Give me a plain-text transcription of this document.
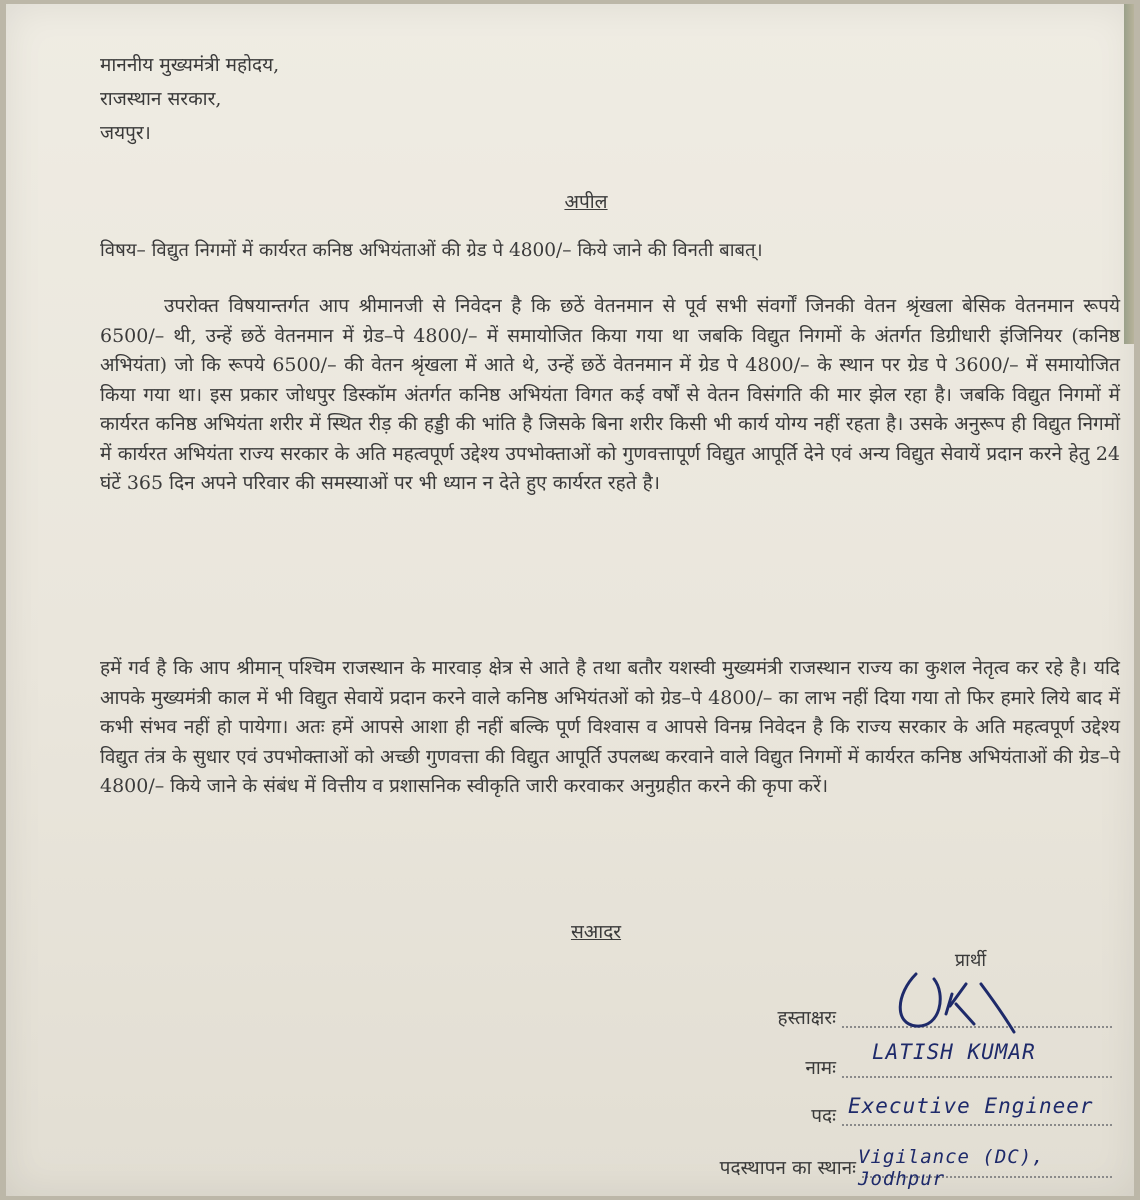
माननीय मुख्यमंत्री महोदय,
राजस्थान सरकार,
जयपुर।
अपील
विषय– विद्युत निगमों में कार्यरत कनिष्ठ अभियंताओं की ग्रेड पे 4800/– किये जाने की विनती बाबत्।
उपरोक्त विषयान्तर्गत आप श्रीमानजी से निवेदन है कि छठें वेतनमान से पूर्व सभी संवर्गों जिनकी वेतन श्रृंखला बेसिक वेतनमान रूपये 6500/– थी, उन्हें छठें वेतनमान में ग्रेड–पे 4800/– में समायोजित किया गया था जबकि विद्युत निगमों के अंतर्गत डिग्रीधारी इंजिनियर (कनिष्ठ अभियंता) जो कि रूपये 6500/– की वेतन श्रृंखला में आते थे, उन्हें छठें वेतनमान में ग्रेड पे 4800/– के स्थान पर ग्रेड पे 3600/– में समायोजित किया गया था। इस प्रकार जोधपुर डिस्कॉम अंतर्गत कनिष्ठ अभियंता विगत कई वर्षों से वेतन विसंगति की मार झेल रहा है। जबकि विद्युत निगमों में कार्यरत कनिष्ठ अभियंता शरीर में स्थित रीड़ की हड्डी की भांति है जिसके बिना शरीर किसी भी कार्य योग्य नहीं रहता है। उसके अनुरूप ही विद्युत निगमों में कार्यरत अभियंता राज्य सरकार के अति महत्वपूर्ण उद्देश्य उपभोक्ताओं को गुणवत्तापूर्ण विद्युत आपूर्ति देने एवं अन्य विद्युत सेवायें प्रदान करने हेतु 24 घंटें 365 दिन अपने परिवार की समस्याओं पर भी ध्यान न देते हुए कार्यरत रहते है।
हमें गर्व है कि आप श्रीमान् पश्चिम राजस्थान के मारवाड़ क्षेत्र से आते है तथा बतौर यशस्वी मुख्यमंत्री राजस्थान राज्य का कुशल नेतृत्व कर रहे है। यदि आपके मुख्यमंत्री काल में भी विद्युत सेवायें प्रदान करने वाले कनिष्ठ अभियंतओं को ग्रेड–पे 4800/– का लाभ नहीं दिया गया तो फिर हमारे लिये बाद में कभी संभव नहीं हो पायेगा। अतः हमें आपसे आशा ही नहीं बल्कि पूर्ण विश्वास व आपसे विनम्र निवेदन है कि राज्य सरकार के अति महत्वपूर्ण उद्देश्य विद्युत तंत्र के सुधार एवं उपभोक्ताओं को अच्छी गुणवत्ता की विद्युत आपूर्ति उपलब्ध करवाने वाले विद्युत निगमों में कार्यरत कनिष्ठ अभियंताओं की ग्रेड–पे 4800/– किये जाने के संबंध में वित्तीय व प्रशासनिक स्वीकृति जारी करवाकर अनुग्रहीत करने की कृपा करें।
सआदर
प्रार्थी
हस्ताक्षरः
नामः
LATISH KUMAR
पदः Executive Engineer
पदस्थापन का स्थानः Vigilance (DC), Jodhpur
